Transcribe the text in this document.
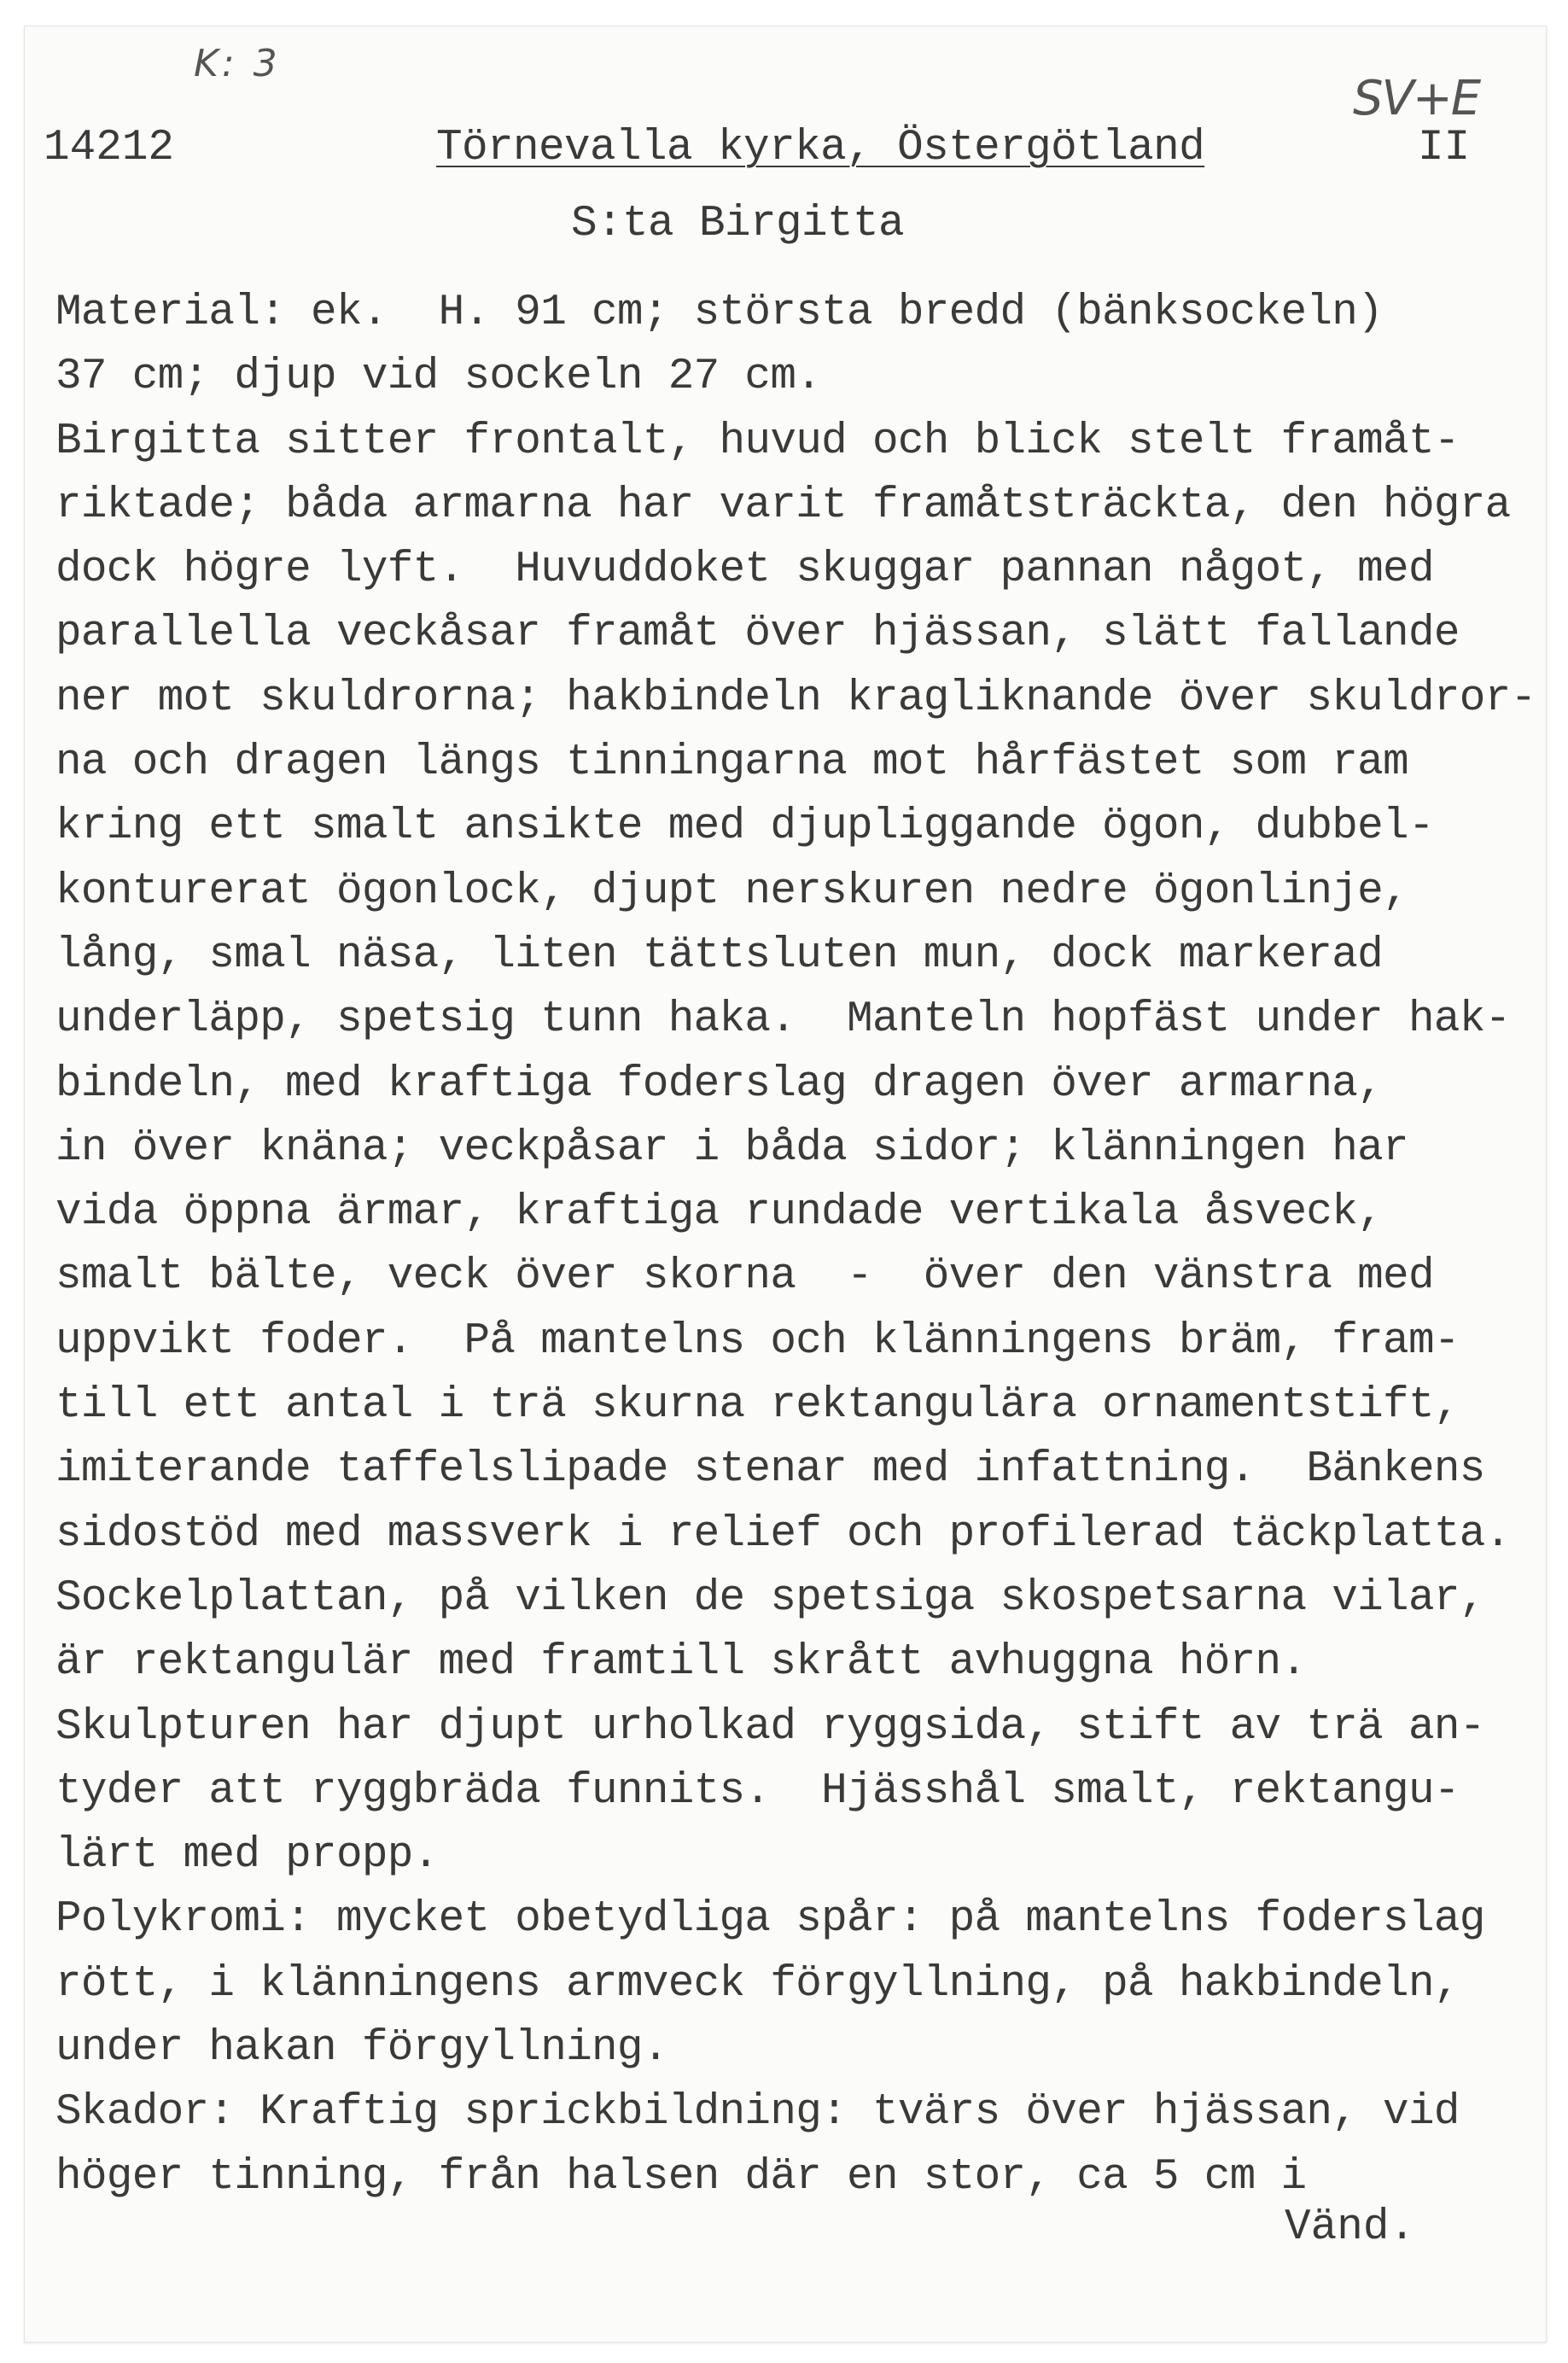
K: 3
SV+E
14212	Törnevalla kyrka, Östergötland	II
S:ta Birgitta
Material: ek.  H. 91 cm; största bredd (bänksockeln)
37 cm; djup vid sockeln 27 cm.
Birgitta sitter frontalt, huvud och blick stelt framåt-
riktade; båda armarna har varit framåtsträckta, den högra
dock högre lyft.  Huvuddoket skuggar pannan något, med
parallella veckåsar framåt över hjässan, slätt fallande
ner mot skuldrorna; hakbindeln kragliknande över skuldror-
na och dragen längs tinningarna mot hårfästet som ram
kring ett smalt ansikte med djupliggande ögon, dubbel-
konturerat ögonlock, djupt nerskuren nedre ögonlinje,
lång, smal näsa, liten tättsluten mun, dock markerad
underläpp, spetsig tunn haka.  Manteln hopfäst under hak-
bindeln, med kraftiga foderslag dragen över armarna,
in över knäna; veckpåsar i båda sidor; klänningen har
vida öppna ärmar, kraftiga rundade vertikala åsveck,
smalt bälte, veck över skorna  -  över den vänstra med
uppvikt foder.  På mantelns och klänningens bräm, fram-
till ett antal i trä skurna rektangulära ornamentstift,
imiterande taffelslipade stenar med infattning.  Bänkens
sidostöd med massverk i relief och profilerad täckplatta.
Sockelplattan, på vilken de spetsiga skospetsarna vilar,
är rektangulär med framtill skrått avhuggna hörn.
Skulpturen har djupt urholkad ryggsida, stift av trä an-
tyder att ryggbräda funnits.  Hjässhål smalt, rektangu-
lärt med propp.
Polykromi: mycket obetydliga spår: på mantelns foderslag
rött, i klänningens armveck förgyllning, på hakbindeln,
under hakan förgyllning.
Skador: Kraftig sprickbildning: tvärs över hjässan, vid
höger tinning, från halsen där en stor, ca 5 cm i
Vänd.
